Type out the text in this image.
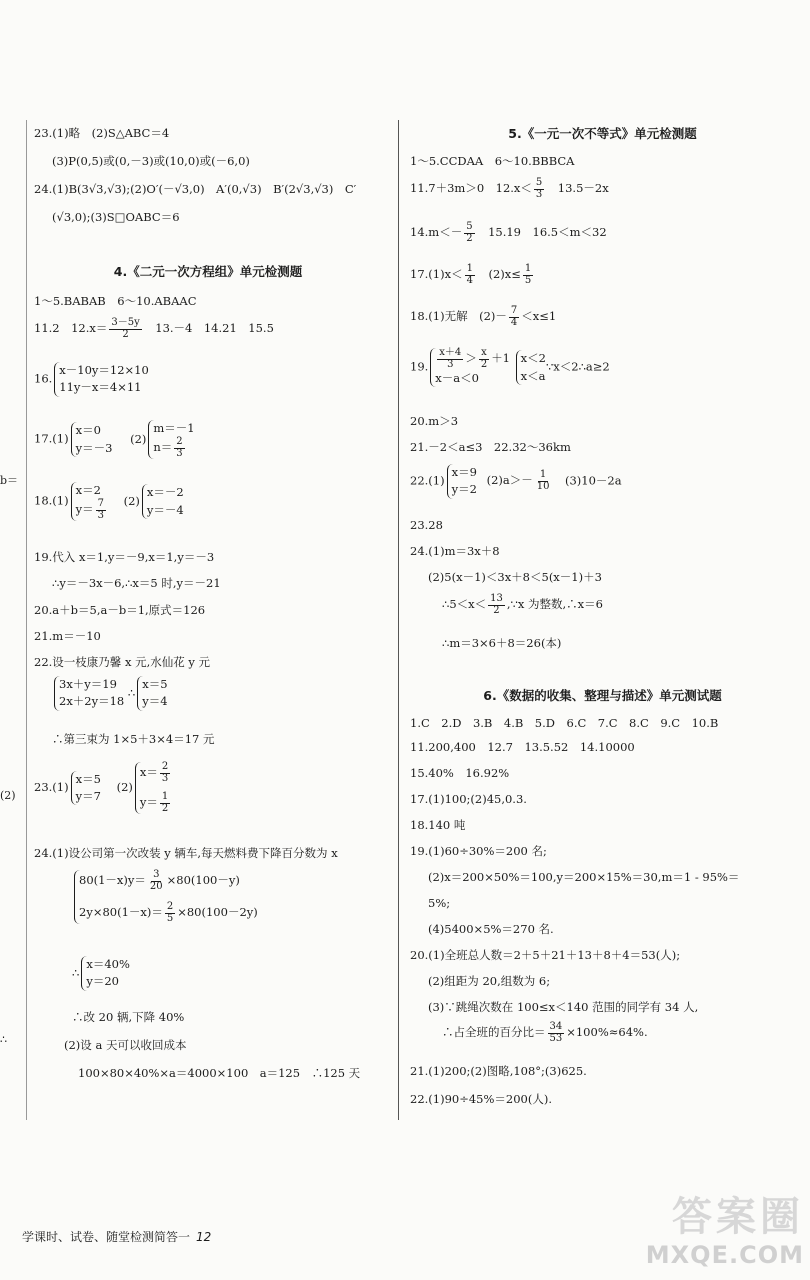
b＝
(2)
∴
23.(1)略　(2)S△ABC＝4
(3)P(0,5)或(0,－3)或(10,0)或(－6,0)
24.(1)B(3√3,√3);(2)O′(－√3,0)　A′(0,√3)　B′(2√3,√3)　C′
(√3,0);(3)S□OABC＝6
4.《二元一次方程组》单元检测题
1～5.BABAB　6～10.ABAAC
11.2　$12.x= \frac{3-5y}{2}$ 　13.－4　14.21　15.5
16.
x－10y＝12×10
11y－x＝4×11
17.(1)
x＝0
y＝－3
(2)
m＝－1
$n= \frac{2}{3}$
18.(1)
x＝2
$y= \frac{7}{3} (2)$
x＝－2
y＝－4
19.代入 x＝1,y＝－9,x＝1,y＝－3
∴y＝－3x－6,∴x＝5 时,y＝－21
20.a＋b＝5,a－b＝1,原式＝126
21.m＝－10
22.设一枝康乃馨 x 元,水仙花 y 元
3x＋y＝19
2x＋2y＝18
∴
x＝5
y＝4
∴第三束为 1×5＋3×4＝17 元
23.(1)
x＝5
y＝7
(2)
$x= \frac{2}{3}$
$y= \frac{1}{2}$
24.(1)设公司第一次改装 y 辆车,每天燃料费下降百分数为 x
$80(1-x)y= \frac{3}{20} \times 80(100-y)$
$2y\times 80(1-x)= \frac{2}{5} \times 80(100-2y)$
∴
x＝40%
y＝20
∴改 20 辆,下降 40%
(2)设 a 天可以收回成本
100×80×40%×a＝4000×100　a＝125　∴125 天
学课时、试卷、随堂检测简答一 12
5.《一元一次不等式》单元检测题
1～5.CCDAA　6～10.BBBCA
11.7＋3m＞0　$12.x< \frac{5}{3}$ 　13.5－2x
$14.m<- \frac{5}{2}$ 　15.19　16.5＜m＜32
$17.(1)x< \frac{1}{4}$ 　$(2)x\le \frac{1}{5}$
18.(1)无解　$(2)- \frac{7}{4} <x\le 1$
19. $\frac{x+4}{3} > \frac{x}{2} +1$
x－a＜0

x＜2
x＜a
∵x＜2∴a≥2
20.m＞3
21.－2＜a≤3　22.32～36km
22.(1)
x＝9
y＝2
$(2)a>- \frac{1}{10}$ 　(3)10－2a
23.28
24.(1)m＝3x＋8
(2)5(x－1)＜3x＋8＜5(x－1)＋3
∴5＜x＜ $\frac{13}{2}$ ,∵x 为整数,∴x＝6
∴m＝3×6＋8＝26(本)
6.《数据的收集、整理与描述》单元测试题
1.C　2.D　3.B　4.B　5.D　6.C　7.C　8.C　9.C　10.B
11.200,400　12.7　13.5.52　14.10000
15.40%　16.92%
17.(1)100;(2)45,0.3.
18.140 吨
19.(1)60÷30%＝200 名;
(2)x＝200×50%＝100,y＝200×15%＝30,m＝1 - 95%＝
5%;
(4)5400×5%＝270 名.
20.(1)全班总人数＝2＋5＋21＋13＋8＋4＝53(人);
(2)组距为 20,组数为 6;
(3)∵跳绳次数在 100≤x＜140 范围的同学有 34 人,
∴占全班的百分比＝ $\frac{34}{53} \times 100\%\approx 64\%$.
21.(1)200;(2)图略,108°;(3)625.
22.(1)90÷45%＝200(人).
答案圈
MXQE.COM
